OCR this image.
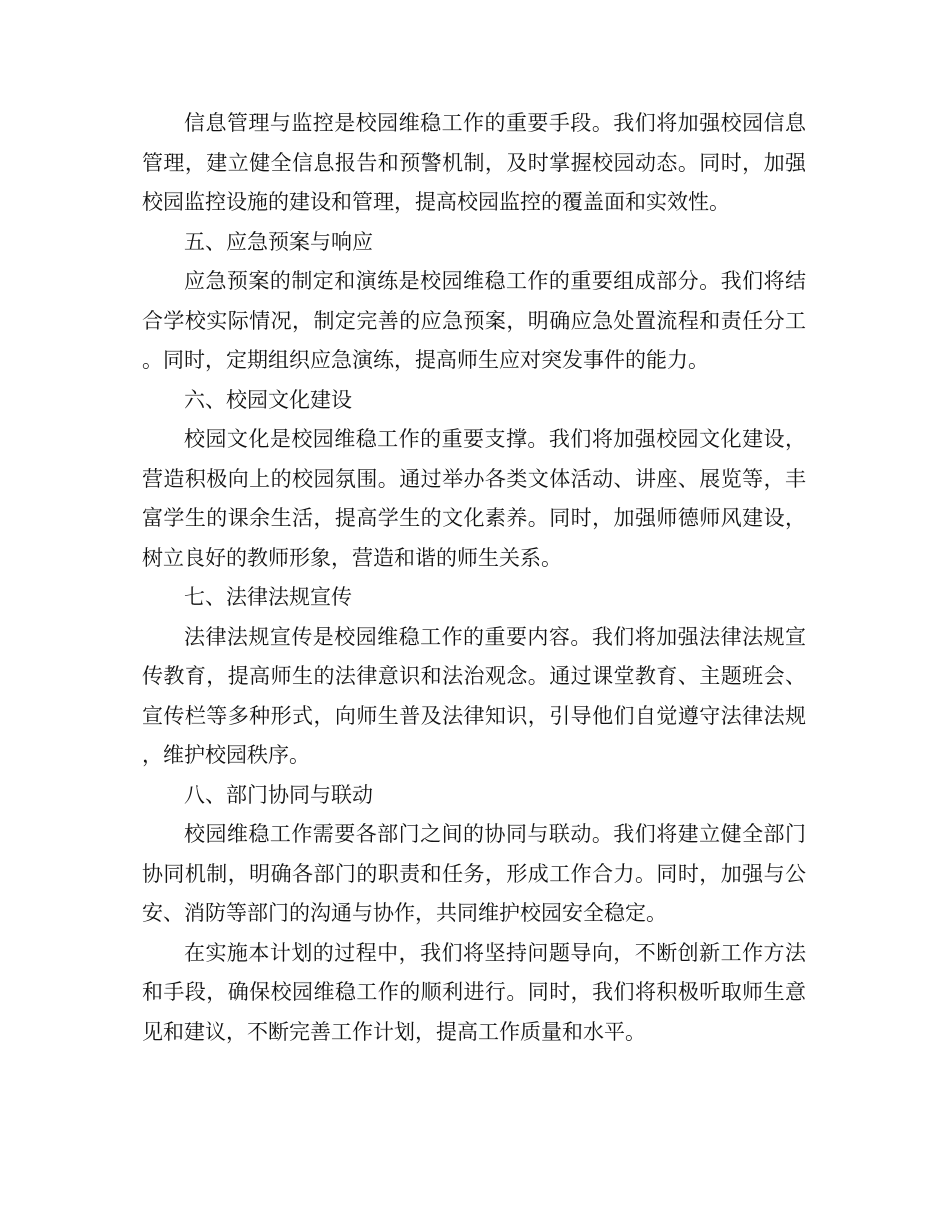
信息管理与监控是校园维稳工作的重要手段。我们将加强校园信息管理，建立健全信息报告和预警机制，及时掌握校园动态。同时，加强校园监控设施的建设和管理，提高校园监控的覆盖面和实效性。

五、应急预案与响应

应急预案的制定和演练是校园维稳工作的重要组成部分。我们将结合学校实际情况，制定完善的应急预案，明确应急处置流程和责任分工。同时，定期组织应急演练，提高师生应对突发事件的能力。

六、校园文化建设

校园文化是校园维稳工作的重要支撑。我们将加强校园文化建设，营造积极向上的校园氛围。通过举办各类文体活动、讲座、展览等，丰富学生的课余生活，提高学生的文化素养。同时，加强师德师风建设，树立良好的教师形象，营造和谐的师生关系。

七、法律法规宣传

法律法规宣传是校园维稳工作的重要内容。我们将加强法律法规宣传教育，提高师生的法律意识和法治观念。通过课堂教育、主题班会、宣传栏等多种形式，向师生普及法律知识，引导他们自觉遵守法律法规，维护校园秩序。

八、部门协同与联动

校园维稳工作需要各部门之间的协同与联动。我们将建立健全部门协同机制，明确各部门的职责和任务，形成工作合力。同时，加强与公安、消防等部门的沟通与协作，共同维护校园安全稳定。

在实施本计划的过程中，我们将坚持问题导向，不断创新工作方法和手段，确保校园维稳工作的顺利进行。同时，我们将积极听取师生意见和建议，不断完善工作计划，提高工作质量和水平。
